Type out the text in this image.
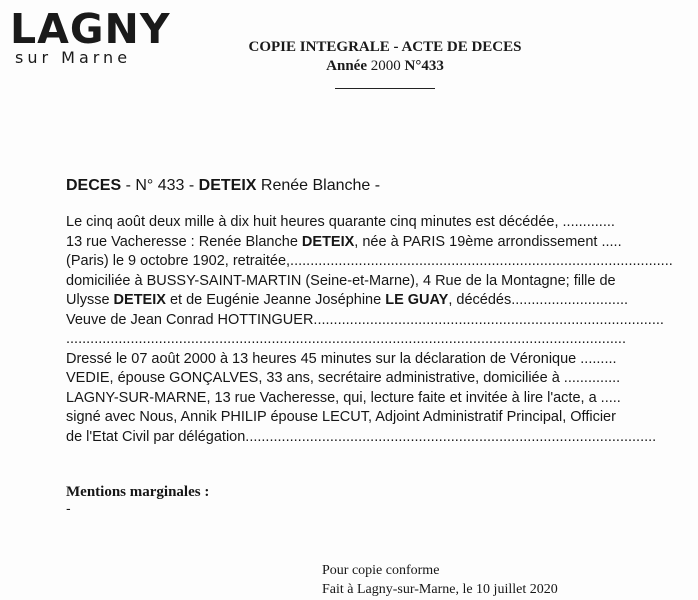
LAGNY
sur Marne
COPIE INTEGRALE - ACTE DE DECES
Année 2000 N°433
DECES - N° 433 - DETEIX Renée Blanche -
Le cinq août deux mille à dix huit heures quarante cinq minutes est décédée, .............
13 rue Vacheresse : Renée Blanche DETEIX, née à PARIS 19ème arrondissement .....
(Paris) le 9 octobre 1902, retraitée,...............................................................................................
domiciliée à BUSSY-SAINT-MARTIN (Seine-et-Marne), 4 Rue de la Montagne; fille de
Ulysse DETEIX et de Eugénie Jeanne Joséphine LE GUAY, décédés.............................
Veuve de Jean Conrad HOTTINGUER.......................................................................................
...........................................................................................................................................
Dressé le 07 août 2000 à 13 heures 45 minutes sur la déclaration de Véronique .........
VEDIE, épouse GONÇALVES, 33 ans, secrétaire administrative, domiciliée à ..............
LAGNY-SUR-MARNE, 13 rue Vacheresse, qui, lecture faite et invitée à lire l'acte, a .....
signé avec Nous, Annik PHILIP épouse LECUT, Adjoint Administratif Principal, Officier
de l'Etat Civil par délégation......................................................................................................
Mentions marginales :
-
Pour copie conforme
Fait à Lagny-sur-Marne, le 10 juillet 2020
